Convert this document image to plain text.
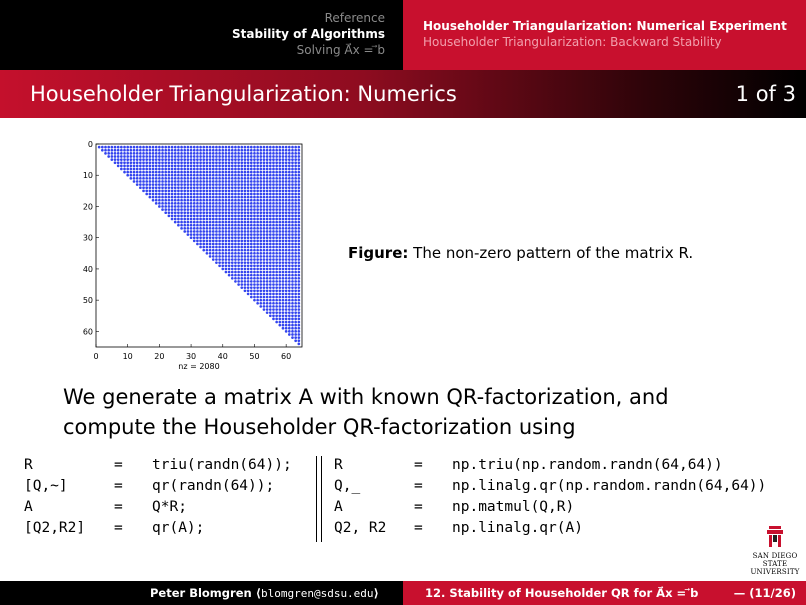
Reference
Stability of Algorithms
Solving A⃗x = ⃗b
Householder Triangularization: Numerical Experiment
Householder Triangularization: Backward Stability
Householder Triangularization: Numerics	1 of 3
0	10	20	30	40	50	60
0
10
20
30
40
50
60
nz = 2080
Figure: The non-zero pattern of the matrix R.
We generate a matrix A with known QR-factorization, and
compute the Householder QR-factorization using
R	=	triu(randn(64));
[Q,∼]	=	qr(randn(64));
A	=	Q*R;
[Q2,R2]	=	qr(A);
R	=	np.triu(np.random.randn(64,64))
Q,_	=	np.linalg.qr(np.random.randn(64,64))
A	=	np.matmul(Q,R)
Q2, R2	=	np.linalg.qr(A)
SAN DIEGO STATE
UNIVERSITY
Peter Blomgren ⟨blomgren@sdsu.edu⟩	12. Stability of Householder QR for A⃗x = ⃗b	— (11/26)
